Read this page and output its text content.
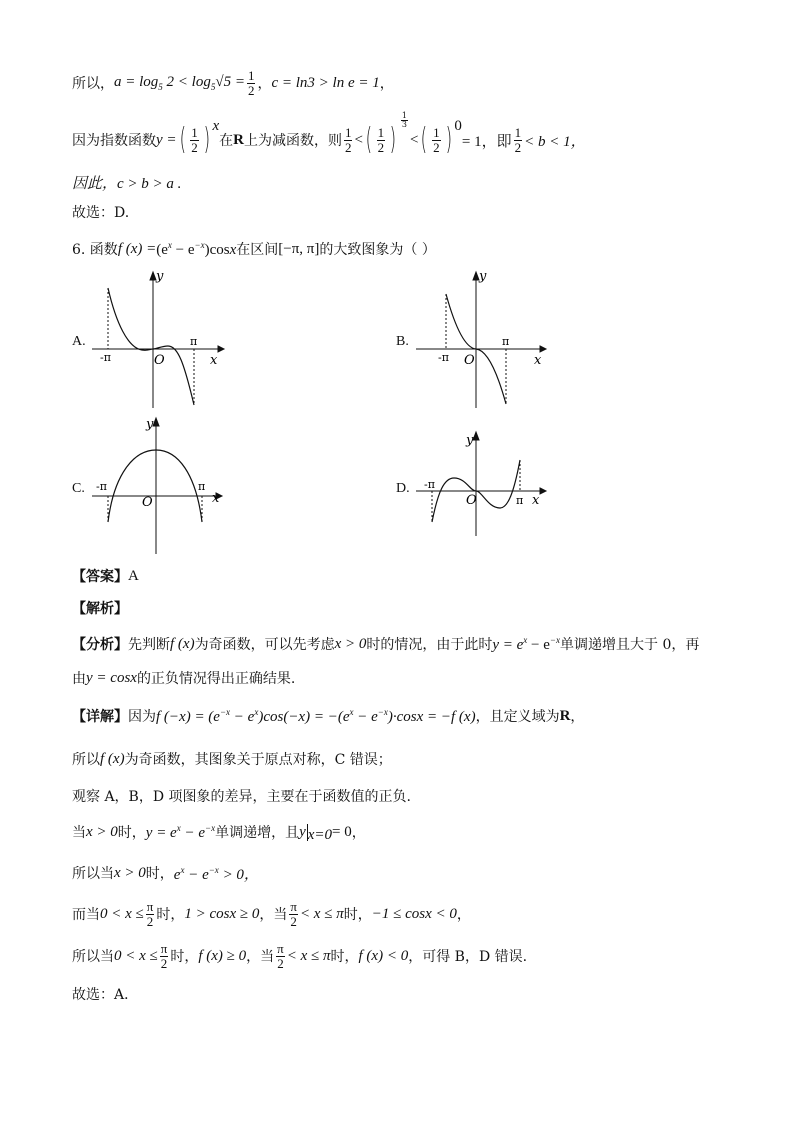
所以， $a = \log_5 2 < \log_5√5 = \frac{1}{2}$ ， c = ln3 > ln e = 1 ，
因为指数函数 y = ( $\frac{1}{2}$ ) x
在 R 上为减函数，则 $\frac{1}{2}$ < ( $\frac{1}{2}$ )
$\frac{1}{3}$
< ( $\frac{1}{2}$ ) 0
= 1，即 $\frac{1}{2} < b < 1$，
因此，c > b > a .
故选：D.
6. 函数 f $(x) = (e^x - e^{-x})\cos x$ 在区间 [−π, π] 的大致图象为（ ）
A.
y
x
O
-π
π	B.
y
x
O
-π
π
C.
y
x
O
-π	π	D.
y
x
O
-π
π
【答案】 A
【解析】
【分析】 先判断 f (x) 为奇函数，可以先考虑 x > 0 时的情况，由于此时 $y = e^x - e^{-x}$ 单调递增且大于 0，再
由 y = cosx 的正负情况得出正确结果.
【详解】 因为 f $(-x) = (e^{-x} - e^x)\cos(-x) = -(e^x - e^{-x})\cdot\cos x = -f$ (x) ，且定义域为 R ，
所以 f (x) 为奇函数，其图象关于原点对称，C 错误；
观察 A，B，D 项图象的差异，主要在于函数值的正负.
当 x > 0 时， $y = e^x - e^{-x}$ 单调递增，且 y x=0 = 0 ，
所以当 x > 0 时， $e^x - e^{-x} > 0$，
而当 $0 < x \le \frac{\pi}{2}$ 时， 1 > cosx ≥ 0 ，当 $\frac{\pi}{2} < x \le \pi$ 时， −1 ≤ cosx < 0 ，
所以当 $0 < x \le \frac{\pi}{2}$ 时， f (x) ≥ 0 ，当 $\frac{\pi}{2} < x \le \pi$ 时， f (x) < 0 ，可得 B，D 错误.
故选：A．
